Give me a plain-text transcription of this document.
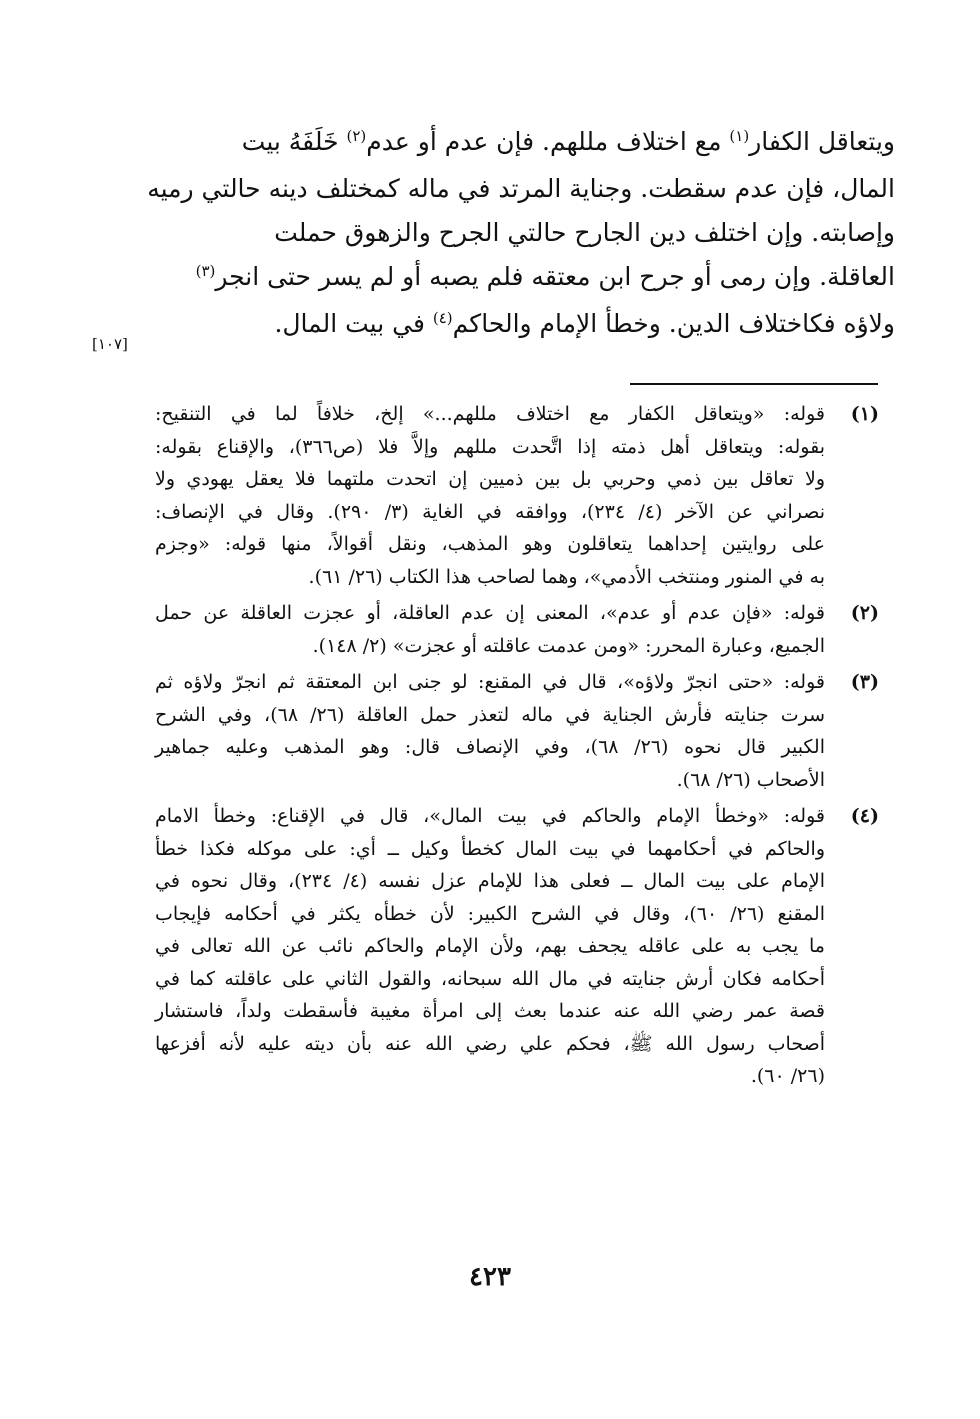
ويتعاقل الكفار$^{(١)}$ مع اختلاف مللهم. فإن عدم أو عدم$^{(٢)}$ خَلَفَهُ بيت
المال، فإن عدم سقطت. وجناية المرتد في ماله كمختلف دينه حالتي رميه
وإصابته. وإن اختلف دين الجارح حالتي الجرح والزهوق حملت
العاقلة. وإن رمى أو جرح ابن معتقه فلم يصبه أو لم يسر حتى انجر$^{(٣)}$
ولاؤه فكاختلاف الدين. وخطأ الإمام والحاكم$^{(٤)}$ في بيت المال.
[١٠٧]
(١)
قوله: «ويتعاقل الكفار مع اختلاف مللهم...» إلخ، خلافاً لما في التنقيح:
بقوله: ويتعاقل أهل ذمته إذا اتَّحدت مللهم وإلاَّ فلا (ص٣٦٦)، والإقناع بقوله:
ولا تعاقل بين ذمي وحربي بل بين ذميين إن اتحدت ملتهما فلا يعقل يهودي ولا
نصراني عن الآخر (٤/ ٢٣٤)، ووافقه في الغاية (٣/ ٢٩٠). وقال في الإنصاف:
على روايتين إحداهما يتعاقلون وهو المذهب، ونقل أقوالاً، منها قوله: «وجزم
به في المنور ومنتخب الأدمي»، وهما لصاحب هذا الكتاب (٢٦/ ٦١).
(٢)
قوله: «فإن عدم أو عدم»، المعنى إن عدم العاقلة، أو عجزت العاقلة عن حمل
الجميع، وعبارة المحرر: «ومن عدمت عاقلته أو عجزت» (٢/ ١٤٨).
(٣)
قوله: «حتى انجرّ ولاؤه»، قال في المقنع: لو جنى ابن المعتقة ثم انجرّ ولاؤه ثم
سرت جنايته فأرش الجناية في ماله لتعذر حمل العاقلة (٢٦/ ٦٨)، وفي الشرح
الكبير قال نحوه (٢٦/ ٦٨)، وفي الإنصاف قال: وهو المذهب وعليه جماهير
الأصحاب (٢٦/ ٦٨).
(٤)
قوله: «وخطأ الإمام والحاكم في بيت المال»، قال في الإقناع: وخطأ الامام
والحاكم في أحكامهما في بيت المال كخطأ وكيل ــ أي: على موكله فكذا خطأ
الإمام على بيت المال ــ فعلى هذا للإمام عزل نفسه (٤/ ٢٣٤)، وقال نحوه في
المقنع (٢٦/ ٦٠)، وقال في الشرح الكبير: لأن خطأه يكثر في أحكامه فإيجاب
ما يجب به على عاقله يجحف بهم، ولأن الإمام والحاكم نائب عن الله تعالى في
أحكامه فكان أرش جنايته في مال الله سبحانه، والقول الثاني على عاقلته كما في
قصة عمر رضي الله عنه عندما بعث إلى امرأة مغيبة فأسقطت ولداً، فاستشار
أصحاب رسول الله ﷺ، فحكم علي رضي الله عنه بأن ديته عليه لأنه أفزعها
(٢٦/ ٦٠).
٤٢٣
